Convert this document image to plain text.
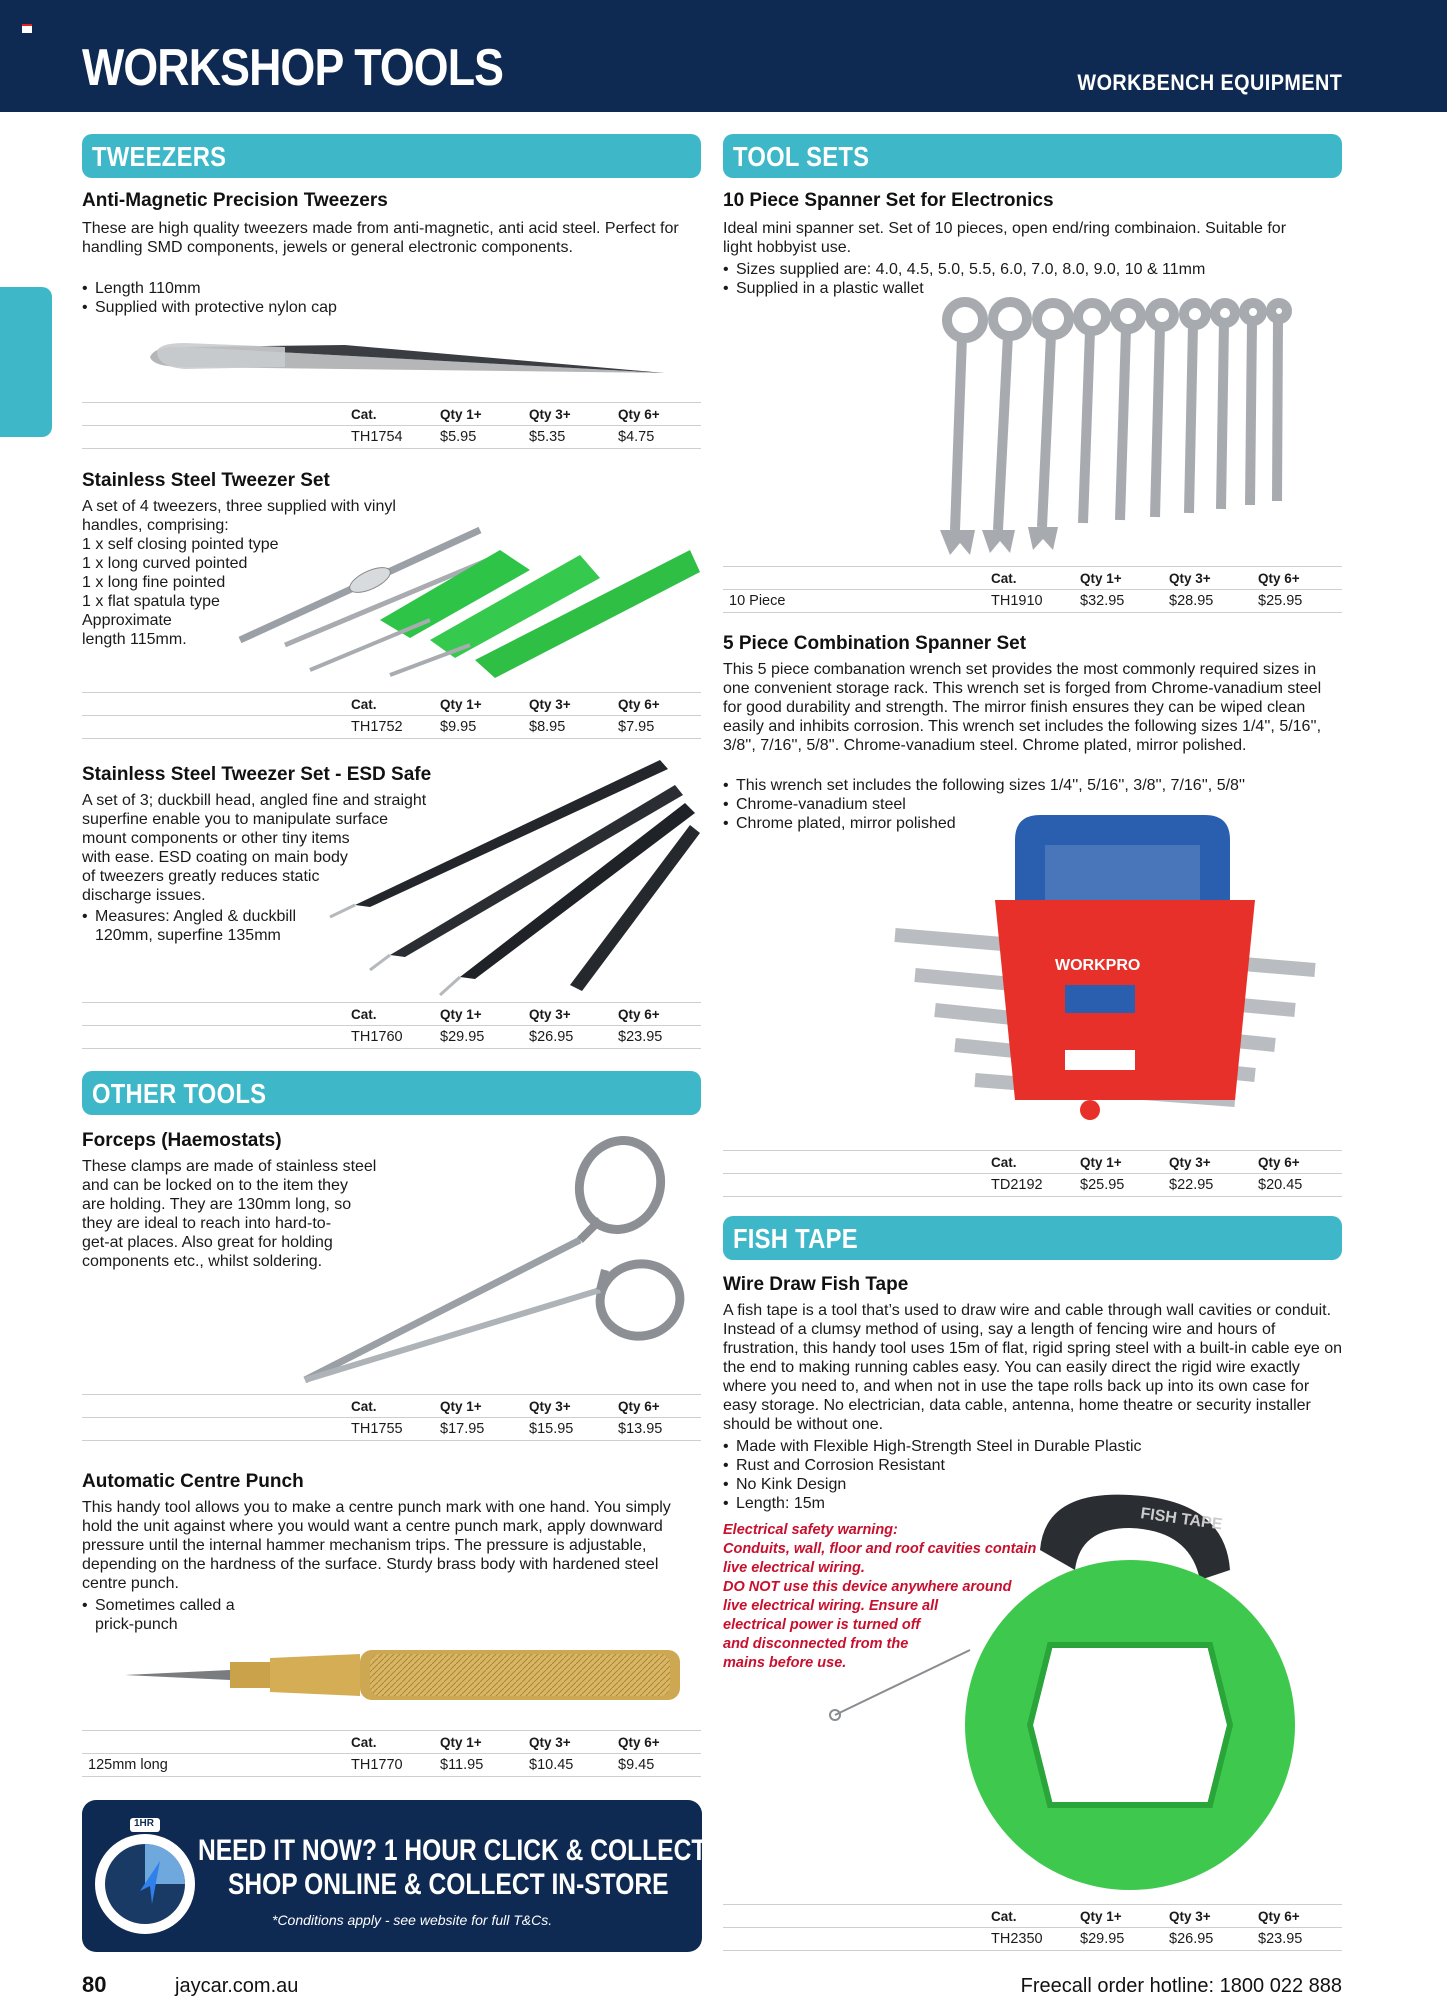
WORKSHOP TOOLS	WORKBENCH EQUIPMENT
TWEEZERS
Anti-Magnetic Precision Tweezers
These are high quality tweezers made from anti-magnetic, anti acid steel. Perfect for handling SMD components, jewels or general electronic components.
• Length 110mm
• Supplied with protective nylon cap
Stainless Steel Tweezer Set

A set of 4 tweezers, three supplied with vinyl

handles, comprising:

1 x self closing pointed type

1 x long curved pointed

1 x long fine pointed

1 x flat spatula type

Approximate

length 115mm.

	Cat.	Qty 1+	Qty 3+	Qty 6+
	TH1752	$9.95	$8.95	$7.95
	Cat.	Qty 1+	Qty 3+	Qty 6+
	TH1754	$5.95	$5.35	$4.75
Stainless Steel Tweezer Set - ESD Safe

A set of 3; duckbill head, angled fine and straight

superfine enable you to manipulate surface

mount components or other tiny items

with ease. ESD coating on main body

of tweezers greatly reduces static

discharge issues.

• Measures: Angled & duckbill
120mm, superfine 135mm
	Cat.	Qty 1+	Qty 3+	Qty 6+
	TH1760	$29.95	$26.95	$23.95
OTHER TOOLS
Forceps (Haemostats)

These clamps are made of stainless steel

and can be locked on to the item they

are holding. They are 130mm long, so

they are ideal to reach into hard-to-

get-at places. Also great for holding

components etc., whilst soldering.

	Cat.	Qty 1+	Qty 3+	Qty 6+
	TH1755	$17.95	$15.95	$13.95
Automatic Centre Punch
This handy tool allows you to make a centre punch mark with one hand. You simply hold the unit against where you would want a centre punch mark, apply downward pressure until the internal hammer mechanism trips. The pressure is adjustable, depending on the hardness of the surface. Sturdy brass body with hardened steel centre punch.
• Sometimes called a
prick-punch
	Cat.	Qty 1+	Qty 3+	Qty 6+
125mm long	TH1770	$11.95	$10.45	$9.45
1HR
NEED IT NOW? 1 HOUR CLICK & COLLECT
SHOP ONLINE & COLLECT IN-STORE
*Conditions apply - see website for full T&Cs.
TOOL SETS
10 Piece Spanner Set for Electronics
Ideal mini spanner set. Set of 10 pieces, open end/ring combinaion. Suitable for light hobbyist use.
• Sizes supplied are: 4.0, 4.5, 5.0, 5.5, 6.0, 7.0, 8.0, 9.0, 10 & 11mm
• Supplied in a plastic wallet
	Cat.	Qty 1+	Qty 3+	Qty 6+
10 Piece	TH1910	$32.95	$28.95	$25.95
5 Piece Combination Spanner Set
This 5 piece combanation wrench set provides the most commonly required sizes in one convenient storage rack. This wrench set is forged from Chrome-vanadium steel for good durability and strength. The mirror finish ensures they can be wiped clean easily and inhibits corrosion. This wrench set includes the following sizes 1/4'', 5/16'', 3/8'', 7/16'', 5/8''. Chrome-vanadium steel. Chrome plated, mirror polished.
• This wrench set includes the following sizes 1/4'', 5/16'', 3/8'', 7/16'', 5/8''
• Chrome-vanadium steel
• Chrome plated, mirror polished
WORKPRO
	Cat.	Qty 1+	Qty 3+	Qty 6+
	TD2192	$25.95	$22.95	$20.45
FISH TAPE
Wire Draw Fish Tape
A fish tape is a tool that’s used to draw wire and cable through wall cavities or conduit. Instead of a clumsy method of using, say a length of fencing wire and hours of frustration, this handy tool uses 15m of flat, rigid spring steel with a built-in cable eye on the end to making running cables easy. You can easily direct the rigid wire exactly where you need to, and when not in use the tape rolls back up into its own case for easy storage. No electrician, data cable, antenna, home theatre or security installer should be without one.
• Made with Flexible High-Strength Steel in Durable Plastic
• Rust and Corrosion Resistant
• No Kink Design
• Length: 15m

Electrical safety warning:

Conduits, wall, floor and roof cavities contain

live electrical wiring.

DO NOT use this device anywhere around

live electrical wiring. Ensure all

electrical power is turned off

and disconnected from the

mains before use.

FISH TAPE
	Cat.	Qty 1+	Qty 3+	Qty 6+
	TH2350	$29.95	$26.95	$23.95
80	jaycar.com.au	Freecall order hotline: 1800 022 888
